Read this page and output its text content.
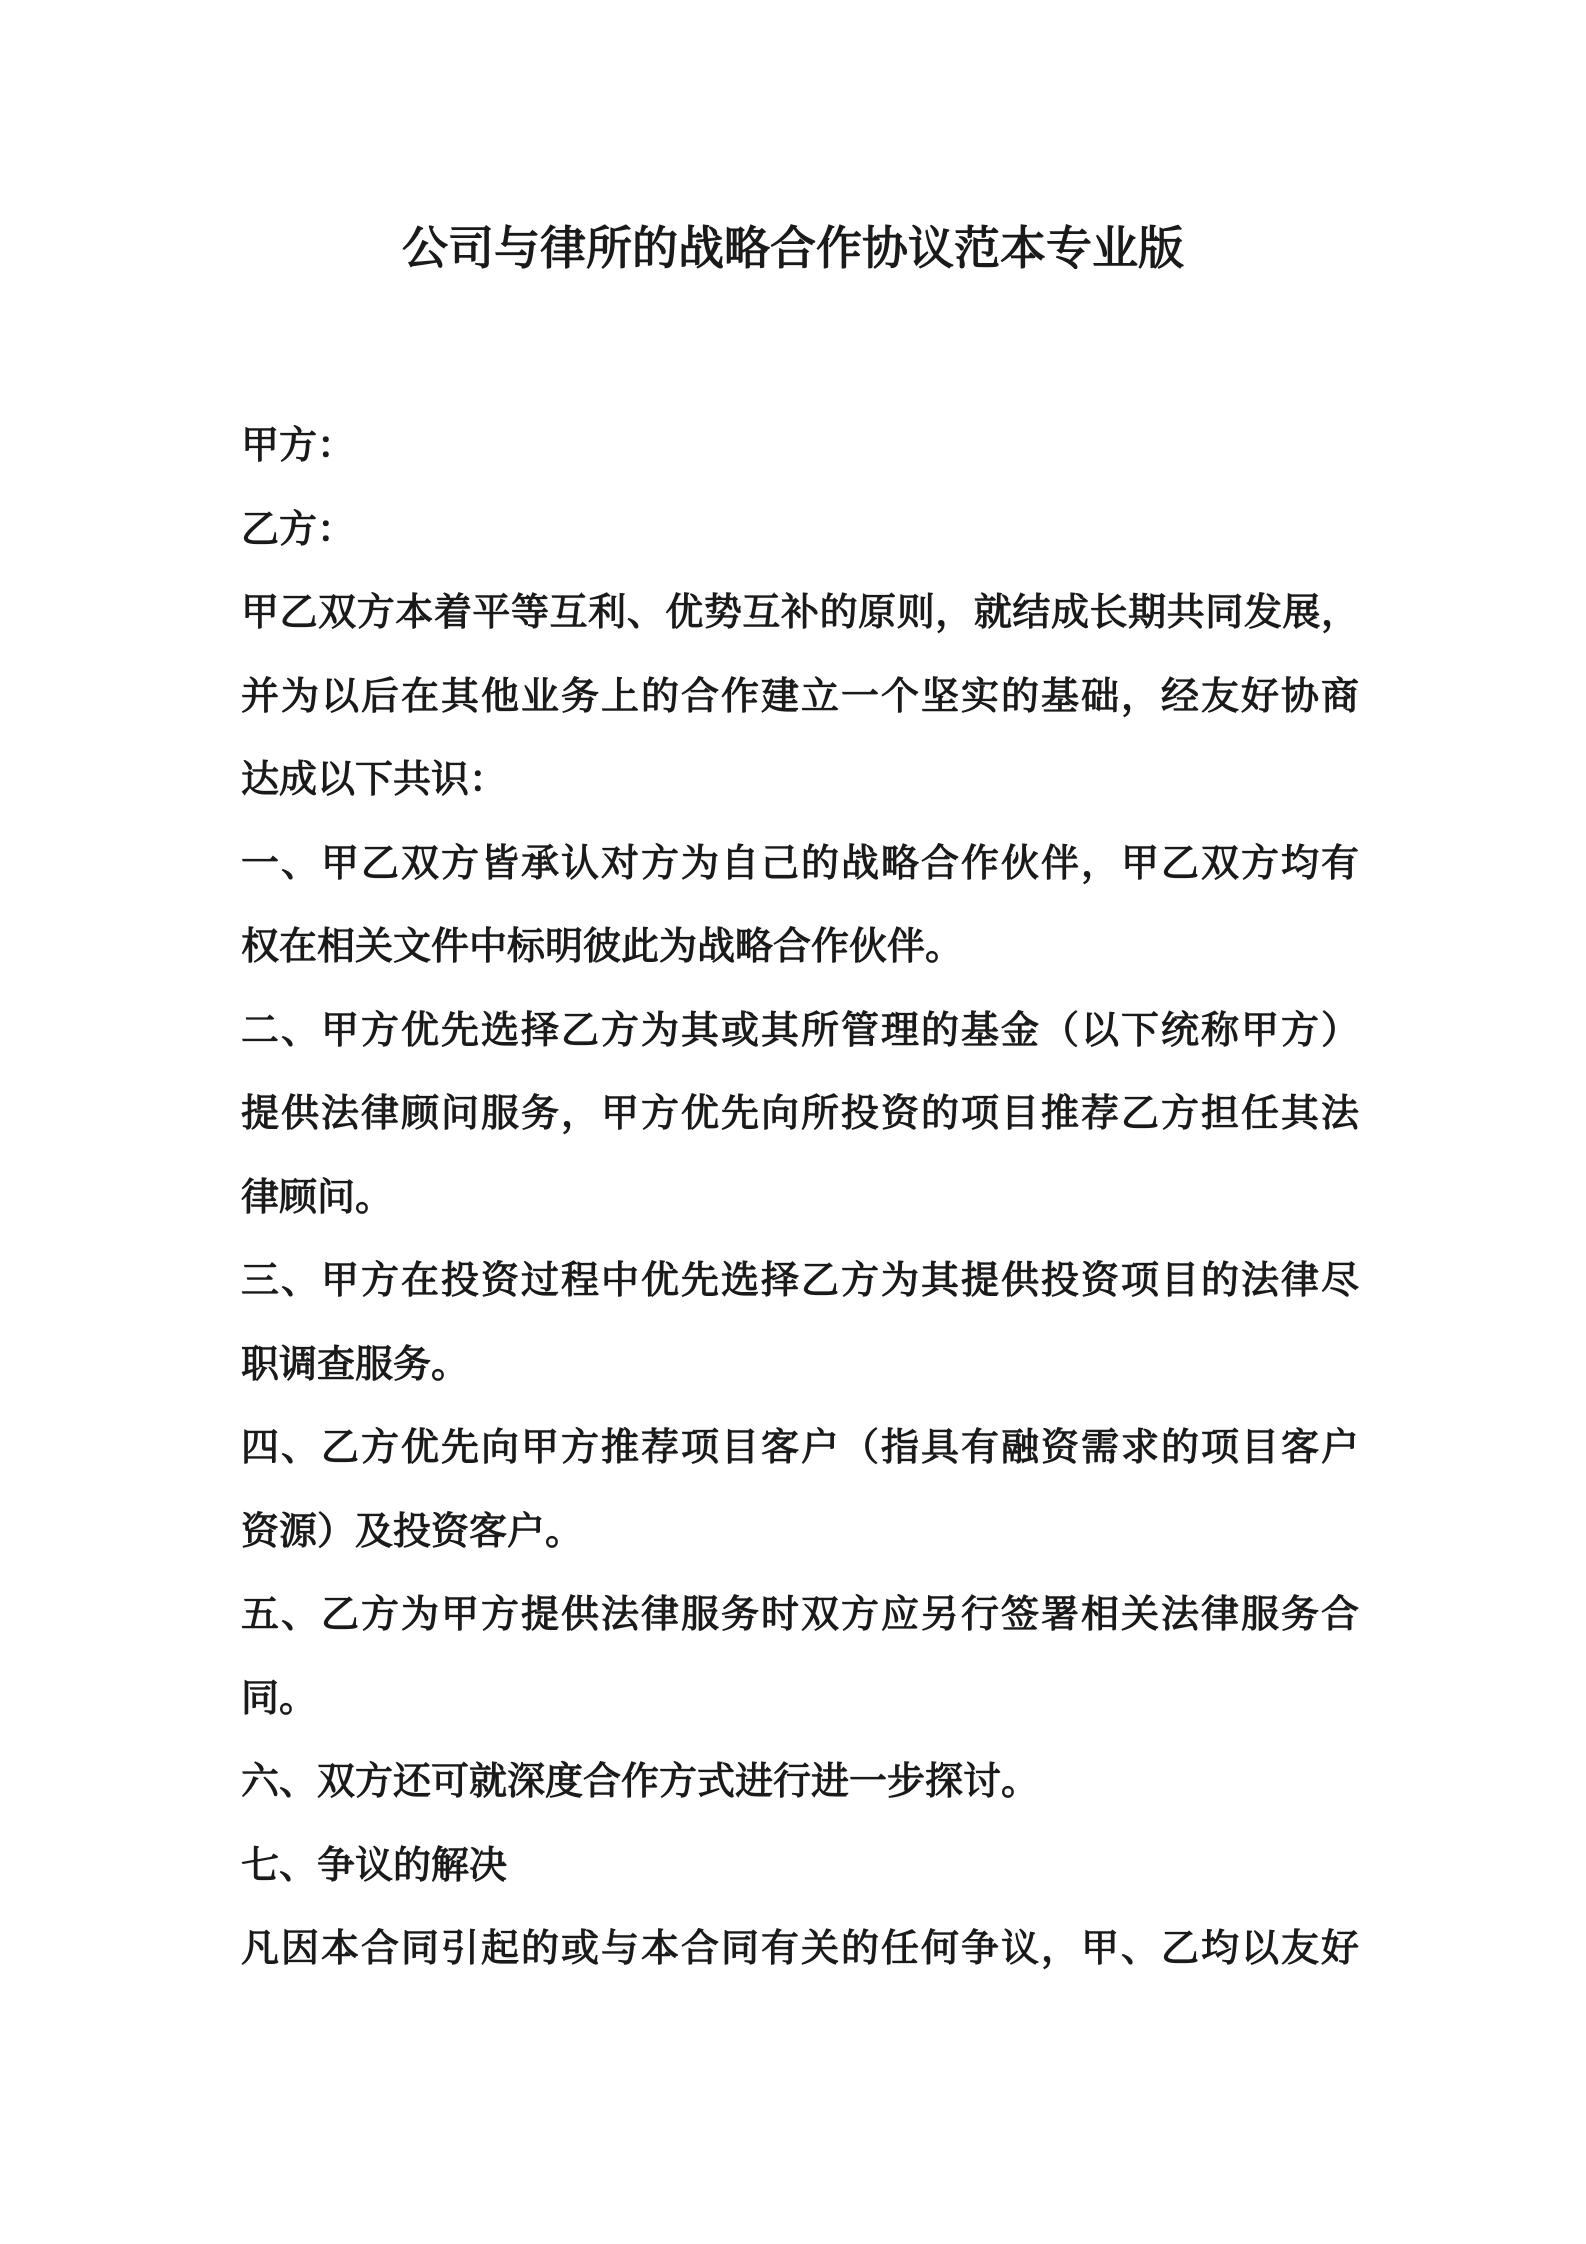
公司与律所的战略合作协议范本专业版

甲方：

乙方：

甲乙双方本着平等互利、优势互补的原则，就结成长期共同发展，

并为以后在其他业务上的合作建立一个坚实的基础，经友好协商

达成以下共识：

一、甲乙双方皆承认对方为自己的战略合作伙伴，甲乙双方均有

权在相关文件中标明彼此为战略合作伙伴。

二、甲方优先选择乙方为其或其所管理的基金（以下统称甲方）

提供法律顾问服务，甲方优先向所投资的项目推荐乙方担任其法

律顾问。

三、甲方在投资过程中优先选择乙方为其提供投资项目的法律尽

职调查服务。

四、乙方优先向甲方推荐项目客户（指具有融资需求的项目客户

资源）及投资客户。

五、乙方为甲方提供法律服务时双方应另行签署相关法律服务合

同。

六、双方还可就深度合作方式进行进一步探讨。

七、争议的解决

凡因本合同引起的或与本合同有关的任何争议，甲、乙均以友好
